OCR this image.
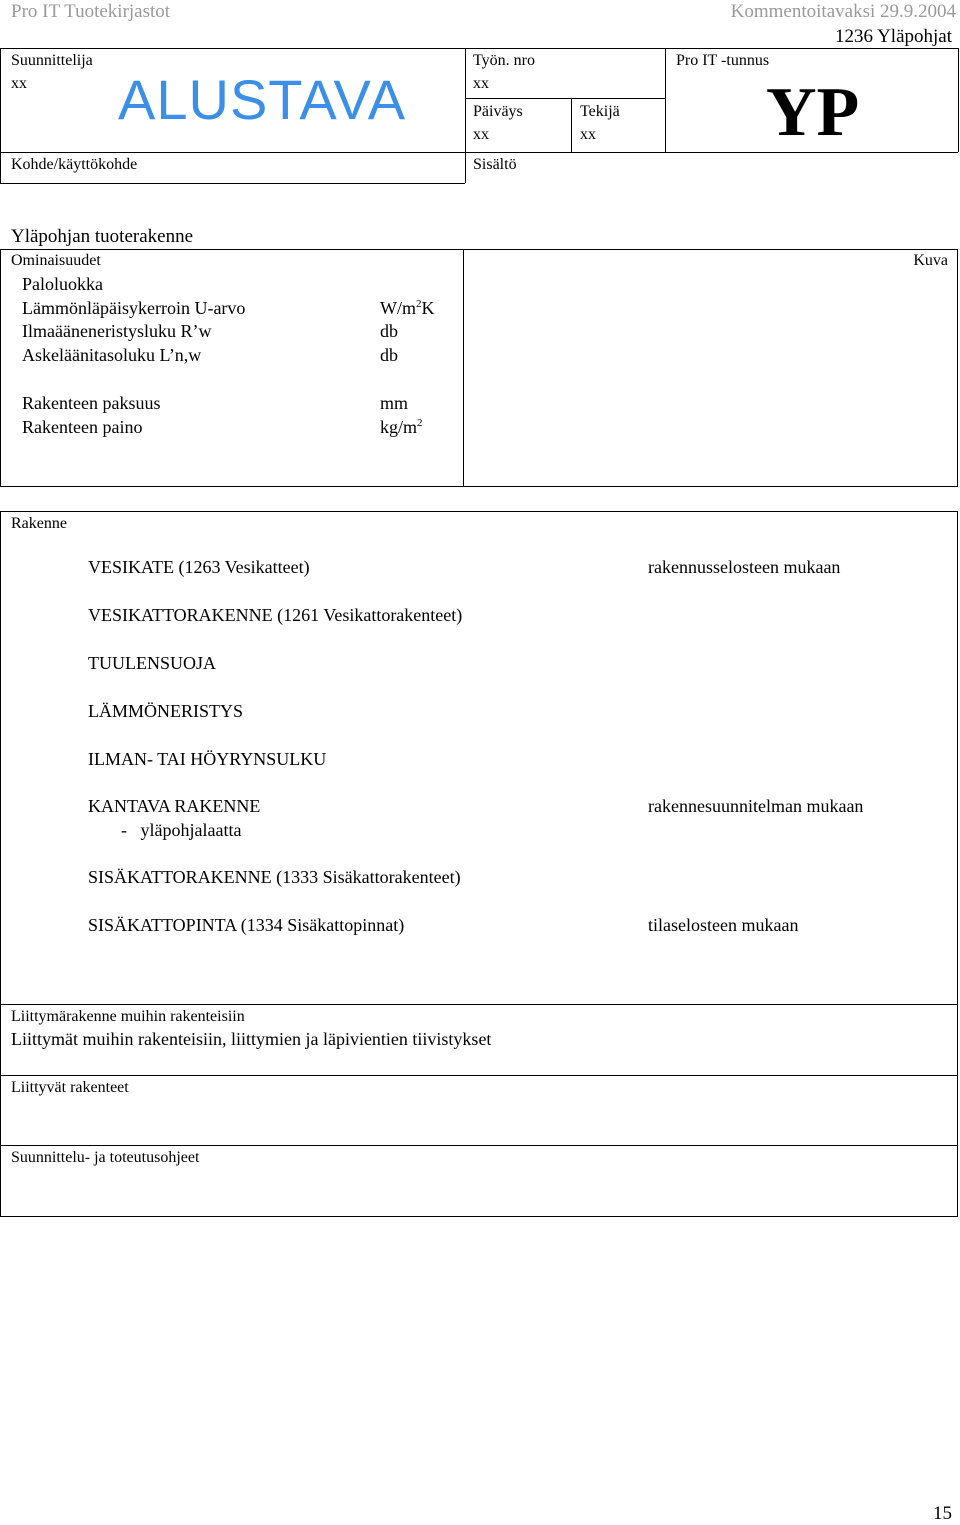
Pro IT Tuotekirjastot	Kommentoitavaksi 29.9.2004
1236 Yläpohjat
Suunnittelija
xx ALUSTAVA
Työn. nro
xx
Päiväys
xx
Tekijä
xx
Pro IT -tunnus
YP
Kohde/käyttökohde	Sisältö
Yläpohjan tuoterakenne
Ominaisuudet	Kuva
Paloluokka
Lämmönläpäisykerroin U-arvo	$W/m^2K$
Ilmaääneneristysluku R’w	db
Askeläänitasoluku L’n,w	db
Rakenteen paksuus	mm
Rakenteen paino	$kg/m^2$
Rakenne
VESIKATE (1263 Vesikatteet)	rakennusselosteen mukaan
VESIKATTORAKENNE (1261 Vesikattorakenteet)
TUULENSUOJA
LÄMMÖNERISTYS
ILMAN- TAI HÖYRYNSULKU
KANTAVA RAKENNE	rakennesuunnitelman mukaan
-   yläpohjalaatta
SISÄKATTORAKENNE (1333 Sisäkattorakenteet)
SISÄKATTOPINTA (1334 Sisäkattopinnat)	tilaselosteen mukaan
Liittymärakenne muihin rakenteisiin
Liittymät muihin rakenteisiin, liittymien ja läpivientien tiivistykset
Liittyvät rakenteet
Suunnittelu- ja toteutusohjeet
15
